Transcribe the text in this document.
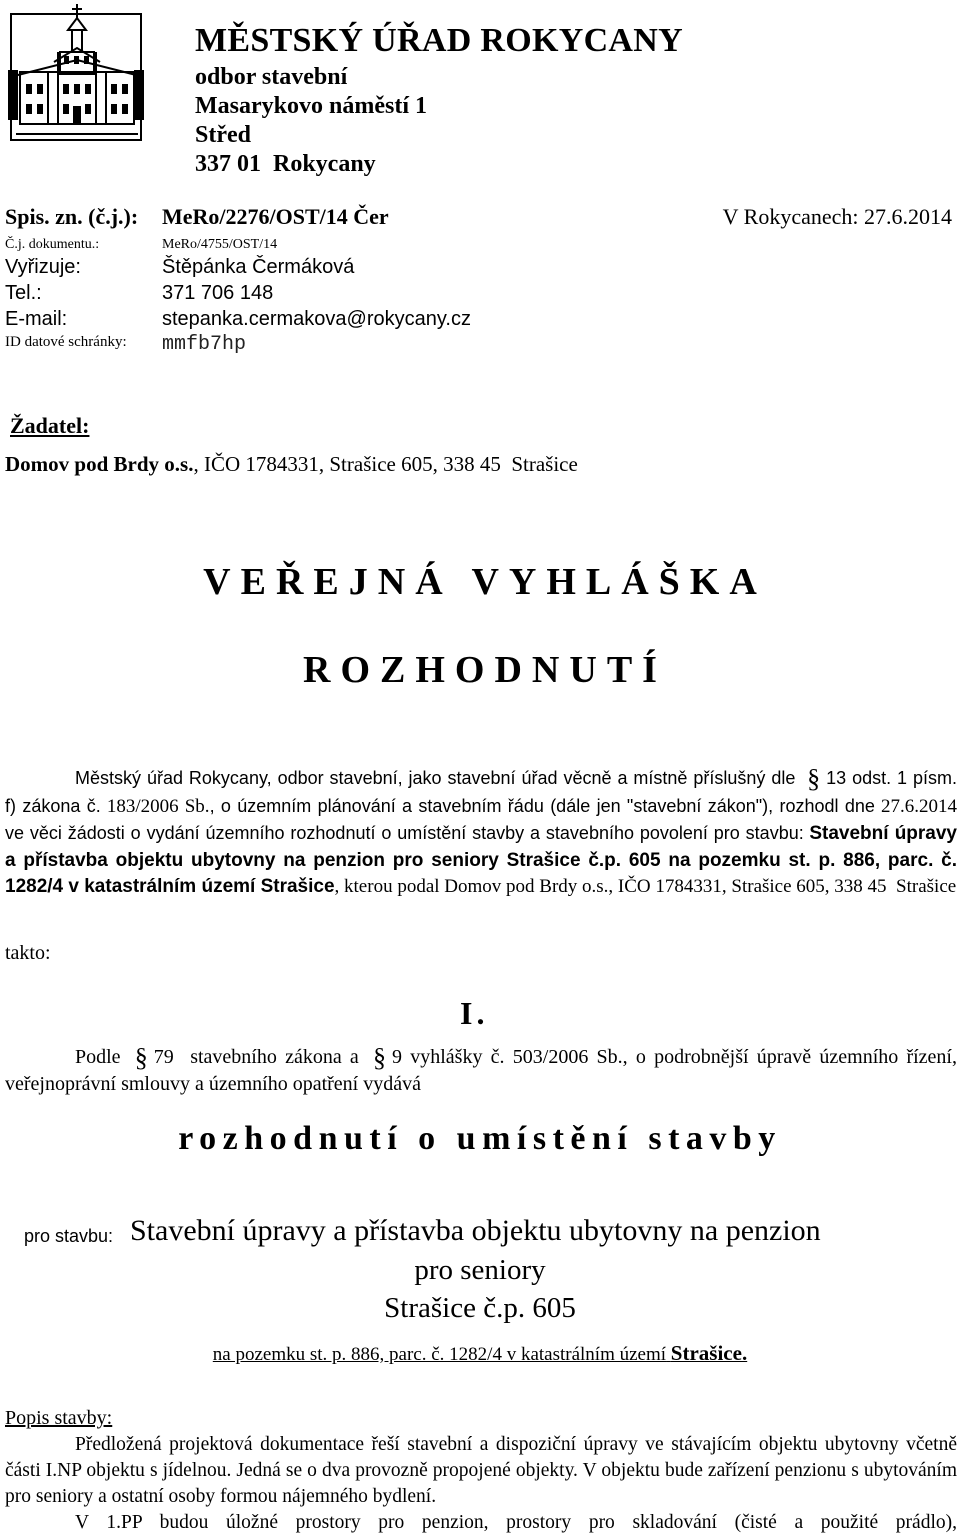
MĚSTSKÝ ÚŘAD ROKYCANY
odbor stavební
Masarykovo náměstí 1
Střed
337 01  Rokycany
Spis. zn. (č.j.): MeRo/2276/OST/14 Čer	V Rokycanech: 27.6.2014
Č.j. dokumentu.:	MeRo/4755/OST/14
Vyřizuje:	Štěpánka Čermáková
Tel.:	371 706 148
E-mail:	stepanka.cermakova@rokycany.cz
ID datové schránky: mmfb7hp
Žadatel:
Domov pod Brdy o.s., IČO 1784331, Strašice 605, 338 45  Strašice
VEŘEJNÁ VYHLÁŠKA
ROZHODNUTÍ
Městský úřad Rokycany, odbor stavební, jako stavební úřad věcně a místně příslušný dle § 13 odst. 1 písm. f) zákona č. 183/2006 Sb., o územním plánování a stavebním řádu (dále jen "stavební zákon"), rozhodl dne 27.6.2014 ve věci žádosti o vydání územního rozhodnutí o umístění stavby a stavebního povolení pro stavbu: Stavební úpravy a přístavba objektu ubytovny na penzion pro seniory Strašice č.p. 605 na pozemku st. p. 886, parc. č. 1282/4 v katastrálním území Strašice, kterou podal Domov pod Brdy o.s., IČO 1784331, Strašice 605, 338 45  Strašice
takto:
I.
Podle § 79  stavebního zákona a § 9 vyhlášky č. 503/2006 Sb., o podrobnější úpravě územního řízení, veřejnoprávní smlouvy a územního opatření vydává
rozhodnutí o umístění stavby
pro stavbu: Stavební úpravy a přístavba objektu ubytovny na penzion
pro seniory
Strašice č.p. 605
na pozemku st. p. 886, parc. č. 1282/4 v katastrálním území Strašice.
Popis stavby:
Předložená projektová dokumentace řeší stavební a dispoziční úpravy ve stávajícím objektu ubytovny včetně části I.NP objektu s jídelnou. Jedná se o dva provozně propojené objekty. V objektu bude zařízení penzionu s ubytováním pro seniory a ostatní osoby formou nájemného bydlení.
V 1.PP budou úložné prostory pro penzion, prostory pro skladování (čisté a použité prádlo),
